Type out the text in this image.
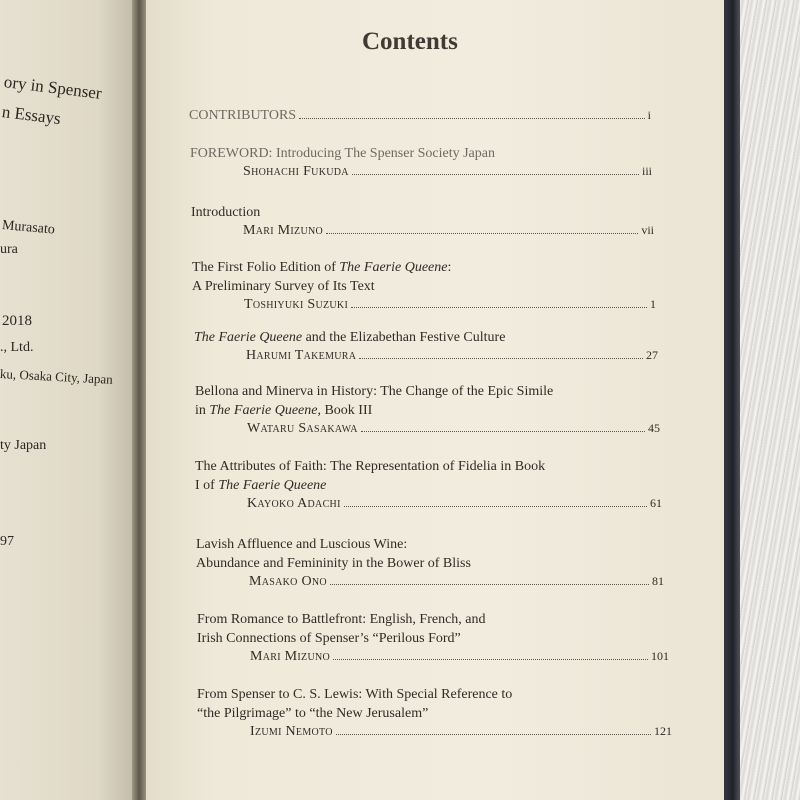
ory in Spenser
n Essays
Murasato
ura
2018
., Ltd.
ku, Osaka City, Japan
ty Japan
97
Contents
CONTRIBUTORS	i
FOREWORD: Introducing The Spenser Society Japan
Shohachi Fukuda	iii
Introduction
Mari Mizuno	vii
The First Folio Edition of The Faerie Queene:
A Preliminary Survey of Its Text
Toshiyuki Suzuki	1
The Faerie Queene and the Elizabethan Festive Culture
Harumi Takemura	27
Bellona and Minerva in History: The Change of the Epic Simile
in The Faerie Queene, Book III
Wataru Sasakawa	45
The Attributes of Faith: The Representation of Fidelia in Book
I of The Faerie Queene
Kayoko Adachi	61
Lavish Affluence and Luscious Wine:
Abundance and Femininity in the Bower of Bliss
Masako Ono	81
From Romance to Battlefront: English, French, and
Irish Connections of Spenser’s “Perilous Ford”
Mari Mizuno	101
From Spenser to C. S. Lewis: With Special Reference to
“the Pilgrimage” to “the New Jerusalem”
Izumi Nemoto	121
